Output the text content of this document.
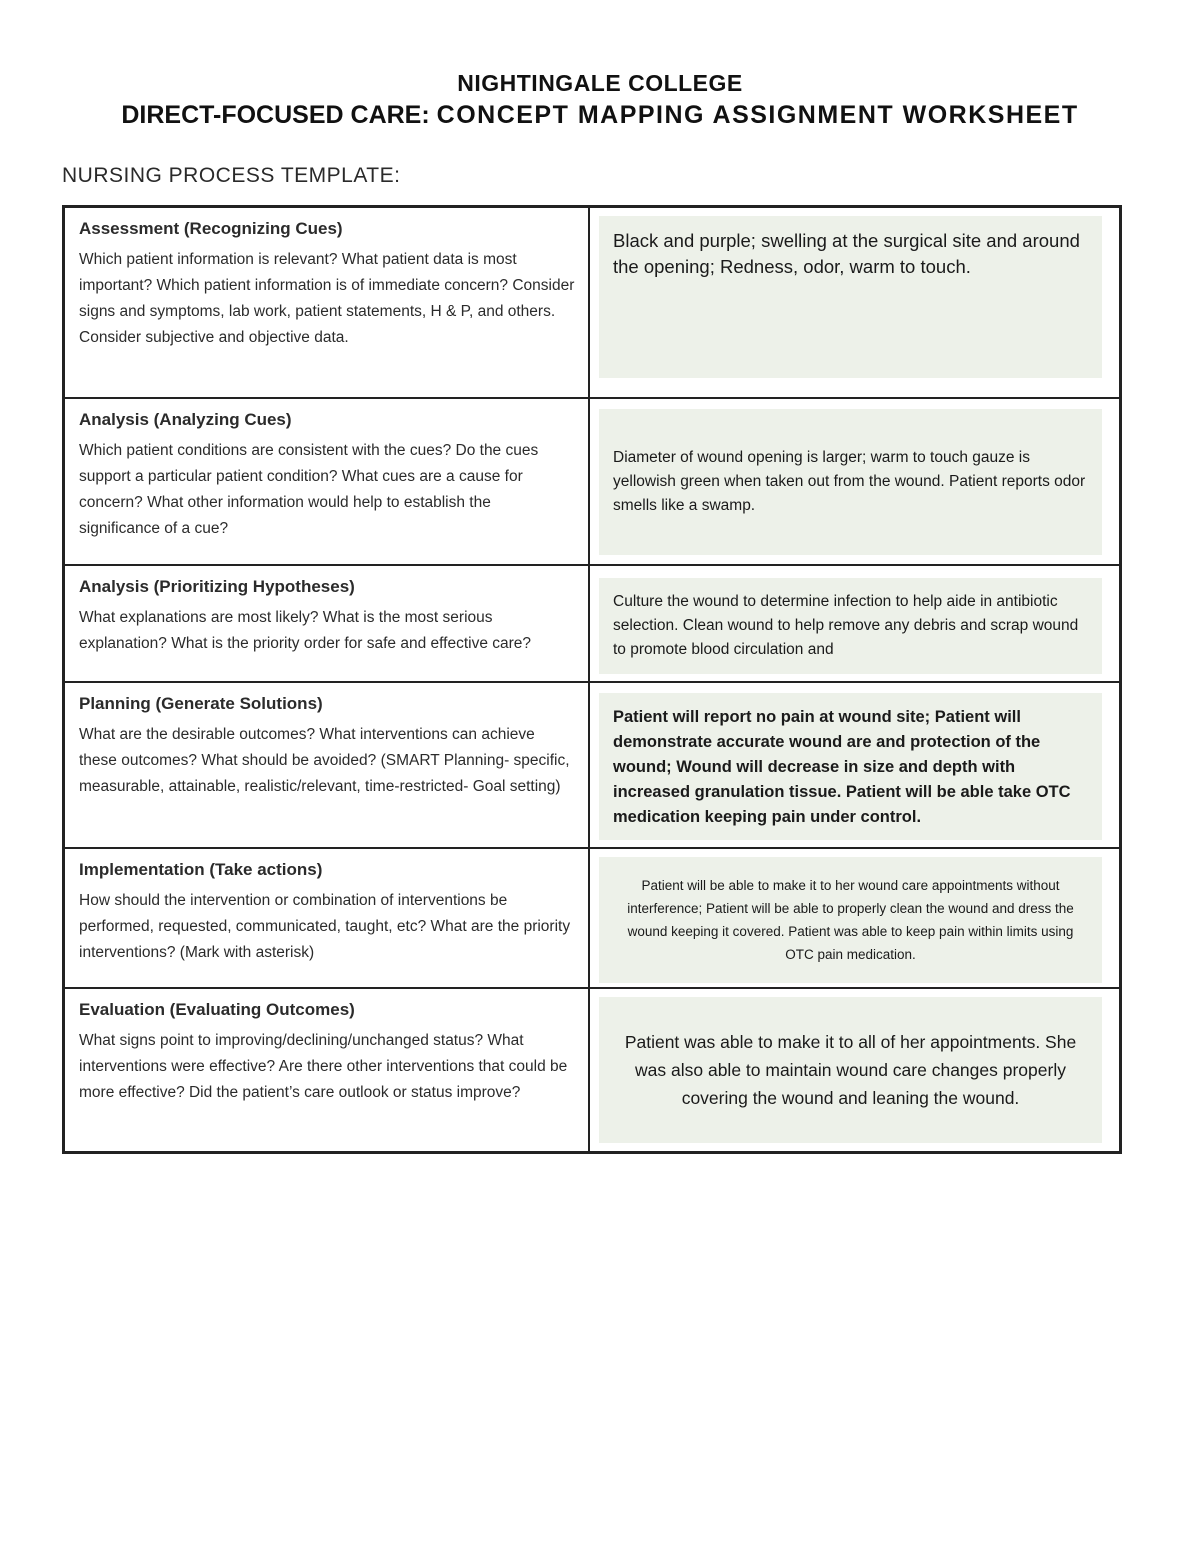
NIGHTINGALE COLLEGE
DIRECT-FOCUSED CARE: CONCEPT MAPPING ASSIGNMENT WORKSHEET
NURSING PROCESS TEMPLATE:
Assessment (Recognizing Cues)
Which patient information is relevant? What patient data is most important? Which patient information is of immediate concern? Consider signs and symptoms, lab work, patient statements, H & P, and others. Consider subjective and objective data.
Black and purple; swelling at the surgical site and around the opening; Redness, odor, warm to touch.
Analysis (Analyzing Cues)
Which patient conditions are consistent with the cues? Do the cues support a particular patient condition? What cues are a cause for concern? What other information would help to establish the significance of a cue?
Diameter of wound opening is larger; warm to touch gauze is yellowish green when taken out from the wound. Patient reports odor smells like a swamp.
Analysis (Prioritizing Hypotheses)
What explanations are most likely? What is the most serious explanation? What is the priority order for safe and effective care?
Culture the wound to determine infection to help aide in antibiotic selection. Clean wound to help remove any debris and scrap wound to promote blood circulation and
Planning (Generate Solutions)
What are the desirable outcomes? What interventions can achieve these outcomes? What should be avoided? (SMART Planning- specific, measurable, attainable, realistic/relevant, time-restricted- Goal setting)
Patient will report no pain at wound site; Patient will demonstrate accurate wound are and protection of the wound; Wound will decrease in size and depth with increased granulation tissue. Patient will be able take OTC medication keeping pain under control.
Implementation (Take actions)
How should the intervention or combination of interventions be performed, requested, communicated, taught, etc? What are the priority interventions? (Mark with asterisk)
Patient will be able to make it to her wound care appointments without interference; Patient will be able to properly clean the wound and dress the wound keeping it covered. Patient was able to keep pain within limits using OTC pain medication.
Evaluation (Evaluating Outcomes)
What signs point to improving/declining/unchanged status? What interventions were effective? Are there other interventions that could be more effective? Did the patient’s care outlook or status improve?
Patient was able to make it to all of her appointments. She was also able to maintain wound care changes properly covering the wound and leaning the wound.
